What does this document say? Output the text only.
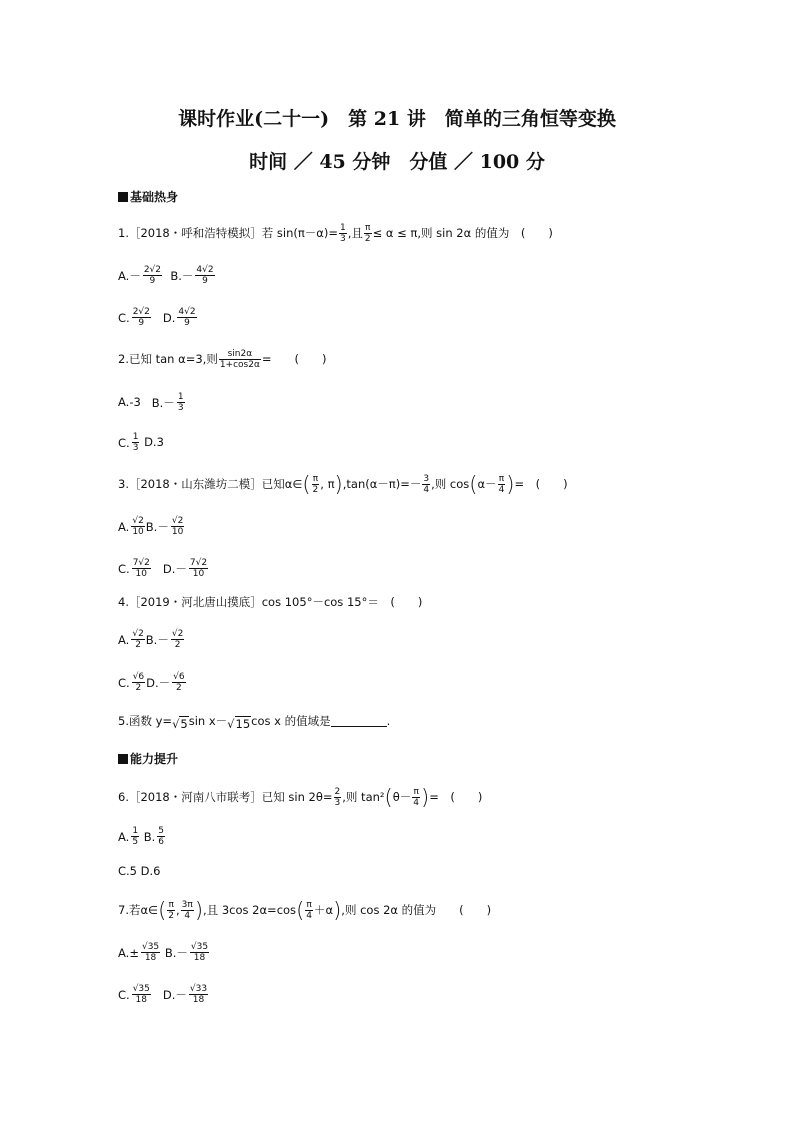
课时作业(二十一)　第 21 讲　简单的三角恒等变换
时间 ／ 45 分钟　分值 ／ 100 分
基础热身
1.［2018・呼和浩特模拟］若 $\sin(\pi-\alpha)= \frac{1}{3}$ ,且 $\frac{\pi}{2} \le \alpha \le \pi$,则 sin 2α 的值为　(　　)
$A.- \frac{2√2}{9} B.- \frac{4√2}{9}$
C. $\frac{2√2}{9} D$. $\frac{4√2}{9}$
2.已知 tan α=3,则 $\frac{\sin 2\alpha}{1+\cos 2\alpha}$ =　　(　　)
A.-3 $B.- \frac{1}{3}$
C. $\frac{1}{3} D.3$
3.［2018・山东潍坊二模］已知α∈( $\frac{\pi}{2}$ , $\pi),\tan(\alpha-\pi)=- \frac{3}{4}$ ,则 $\cos(\alpha- \frac{\pi}{4}$ )=　(　　)
A. $\frac{√2}{10} B.- \frac{√2}{10}$
C. $\frac{7√2}{10} D.- \frac{7√2}{10}$
4.［2019・河北唐山摸底］cos 105°－cos 15°＝　(　　)
A. $\frac{√2}{2} B.- \frac{√2}{2}$
C. $\frac{√6}{2} D.- \frac{√6}{2}$
5.函数 y=√5sin x－√15cos x 的值域是	.
能力提升
6.［2018・河南八市联考］已知 $\sin 2\theta= \frac{2}{3}$ ,则 $\tan^2(\theta- \frac{\pi}{4}$ )=　(　　)
A. $\frac{1}{5} B$. $\frac{5}{6}$
C.5 D.6
7.若α∈( $\frac{\pi}{2}$ , $\frac{3\pi}{4}$ ),且 3cos $2\alpha=\cos( \frac{\pi}{4} +\alpha)$,则 cos 2α 的值为　　(　　)
$A.\pm \frac{√35}{18} B.- \frac{√35}{18}$
C. $\frac{√35}{18} D.- \frac{√33}{18}$
